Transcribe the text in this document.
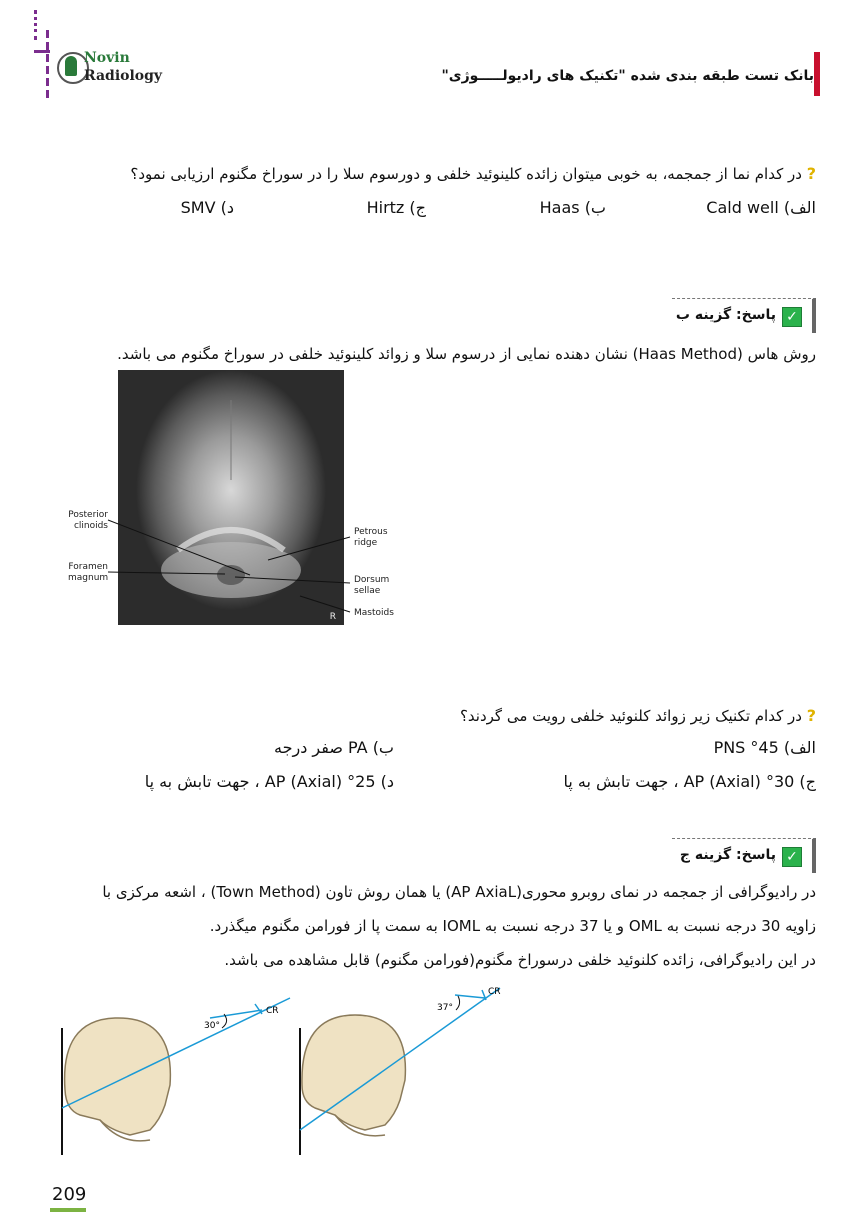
Novin
Radiology	بانک تست طبقه بندی شده "تکنیک های رادیولـــــوژی"
? در کدام نما از جمجمه، به خوبی میتوان زائده کلینوئید خلفی و دورسوم سلا را در سوراخ مگنوم ارزیابی نمود؟
الف) Cald well
ب) Haas
ج) Hirtz
د) SMV
✓
پاسخ: گزینه ب
روش هاس (Haas Method) نشان دهنده نمایی از درسوم سلا و زوائد کلینوئید خلفی در سوراخ مگنوم می باشد.
R
Posterior
clinoids
Foramen
magnum
Petrous
ridge
Dorsum
sellae
Mastoids
? در کدام تکنیک زیر زوائد کلنوئید خلفی رویت می گردند؟
الف) PNS °45
ب) PA صفر درجه
ج) 30° AP (Axial) ، جهت تابش به پا
د) 25° AP (Axial) ، جهت تابش به پا
✓
پاسخ: گزینه ج
در رادیوگرافی از جمجمه در نمای روبرو محوری(AP AxiaL) یا همان روش تاون (Town Method) ، اشعه مرکزی با
زاویه 30 درجه نسبت به OML و یا 37 درجه نسبت به IOML به سمت پا از فورامن مگنوم میگذرد.
در این رادیوگرافی، زائده کلنوئید خلفی درسوراخ مگنوم(فورامن مگنوم) قابل مشاهده می باشد.
CR
30°
CR
37°
209
